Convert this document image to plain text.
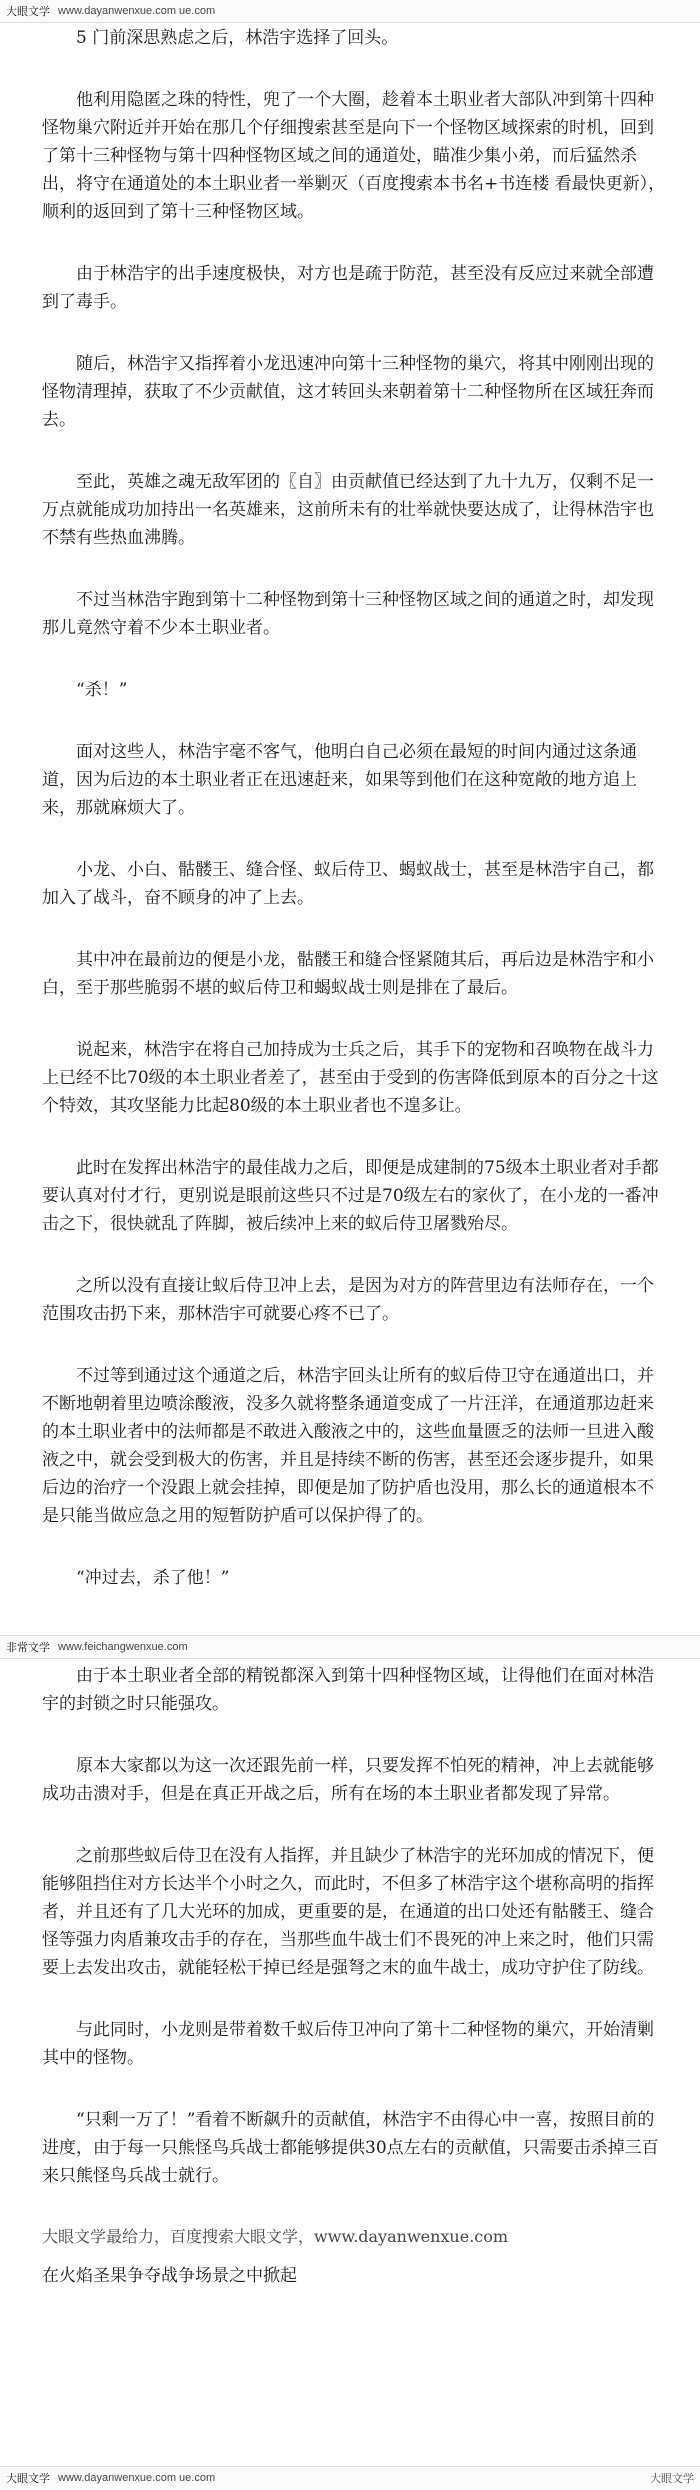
大眼文学 www.dayanwenxue.com ue.com

5 门前深思熟虑之后，林浩宇选择了回头。

他利用隐匿之珠的特性，兜了一个大圈，趁着本土职业者大部队冲到第十四种怪物巢穴附近并开始在那几个仔细搜索甚至是向下一个怪物区域探索的时机，回到了第十三种怪物与第十四种怪物区域之间的通道处，瞄准少集小弟，而后猛然杀出，将守在通道处的本土职业者一举剿灭（百度搜索本书名+书连楼 看最快更新），顺利的返回到了第十三种怪物区域。

由于林浩宇的出手速度极快，对方也是疏于防范，甚至没有反应过来就全部遭到了毒手。

随后，林浩宇又指挥着小龙迅速冲向第十三种怪物的巢穴，将其中刚刚出现的怪物清理掉，获取了不少贡献值，这才转回头来朝着第十二种怪物所在区域狂奔而去。

至此，英雄之魂无敌军团的〖自〗由贡献值已经达到了九十九万，仅剩不足一万点就能成功加持出一名英雄来，这前所未有的壮举就快要达成了，让得林浩宇也不禁有些热血沸腾。

不过当林浩宇跑到第十二种怪物到第十三种怪物区域之间的通道之时，却发现那儿竟然守着不少本土职业者。

“杀！”

面对这些人，林浩宇毫不客气，他明白自己必须在最短的时间内通过这条通道，因为后边的本土职业者正在迅速赶来，如果等到他们在这种宽敞的地方追上来，那就麻烦大了。

小龙、小白、骷髅王、缝合怪、蚁后侍卫、蝎蚁战士，甚至是林浩宇自己，都加入了战斗，奋不顾身的冲了上去。

其中冲在最前边的便是小龙，骷髅王和缝合怪紧随其后，再后边是林浩宇和小白，至于那些脆弱不堪的蚁后侍卫和蝎蚁战士则是排在了最后。

说起来，林浩宇在将自己加持成为士兵之后，其手下的宠物和召唤物在战斗力上已经不比70级的本土职业者差了，甚至由于受到的伤害降低到原本的百分之十这个特效，其攻坚能力比起80级的本土职业者也不遑多让。

此时在发挥出林浩宇的最佳战力之后，即便是成建制的75级本土职业者对手都要认真对付才行，更别说是眼前这些只不过是70级左右的家伙了，在小龙的一番冲击之下，很快就乱了阵脚，被后续冲上来的蚁后侍卫屠戮殆尽。

之所以没有直接让蚁后侍卫冲上去，是因为对方的阵营里边有法师存在，一个范围攻击扔下来，那林浩宇可就要心疼不已了。

不过等到通过这个通道之后，林浩宇回头让所有的蚁后侍卫守在通道出口，并不断地朝着里边喷涂酸液，没多久就将整条通道变成了一片汪洋，在通道那边赶来的本土职业者中的法师都是不敢进入酸液之中的，这些血量匮乏的法师一旦进入酸液之中，就会受到极大的伤害，并且是持续不断的伤害，甚至还会逐步提升，如果后边的治疗一个没跟上就会挂掉，即便是加了防护盾也没用，那么长的通道根本不是只能当做应急之用的短暂防护盾可以保护得了的。

“冲过去，杀了他！”

非常文学 www.feichangwenxue.com

由于本土职业者全部的精锐都深入到第十四种怪物区域，让得他们在面对林浩宇的封锁之时只能强攻。

原本大家都以为这一次还跟先前一样，只要发挥不怕死的精神，冲上去就能够成功击溃对手，但是在真正开战之后，所有在场的本土职业者都发现了异常。

之前那些蚁后侍卫在没有人指挥，并且缺少了林浩宇的光环加成的情况下，便能够阻挡住对方长达半个小时之久，而此时，不但多了林浩宇这个堪称高明的指挥者，并且还有了几大光环的加成，更重要的是，在通道的出口处还有骷髅王、缝合怪等强力肉盾兼攻击手的存在，当那些血牛战士们不畏死的冲上来之时，他们只需要上去发出攻击，就能轻松干掉已经是强弩之末的血牛战士，成功守护住了防线。

与此同时，小龙则是带着数千蚁后侍卫冲向了第十二种怪物的巢穴，开始清剿其中的怪物。

“只剩一万了！”看着不断飙升的贡献值，林浩宇不由得心中一喜，按照目前的进度，由于每一只熊怪鸟兵战士都能够提供30点左右的贡献值，只需要击杀掉三百来只熊怪鸟兵战士就行。

大眼文学最给力，百度搜索大眼文学，www.dayanwenxue.com
在火焰圣果争夺战争场景之中掀起
大眼文学 www.dayanwenxue.com ue.com	大眼文学
